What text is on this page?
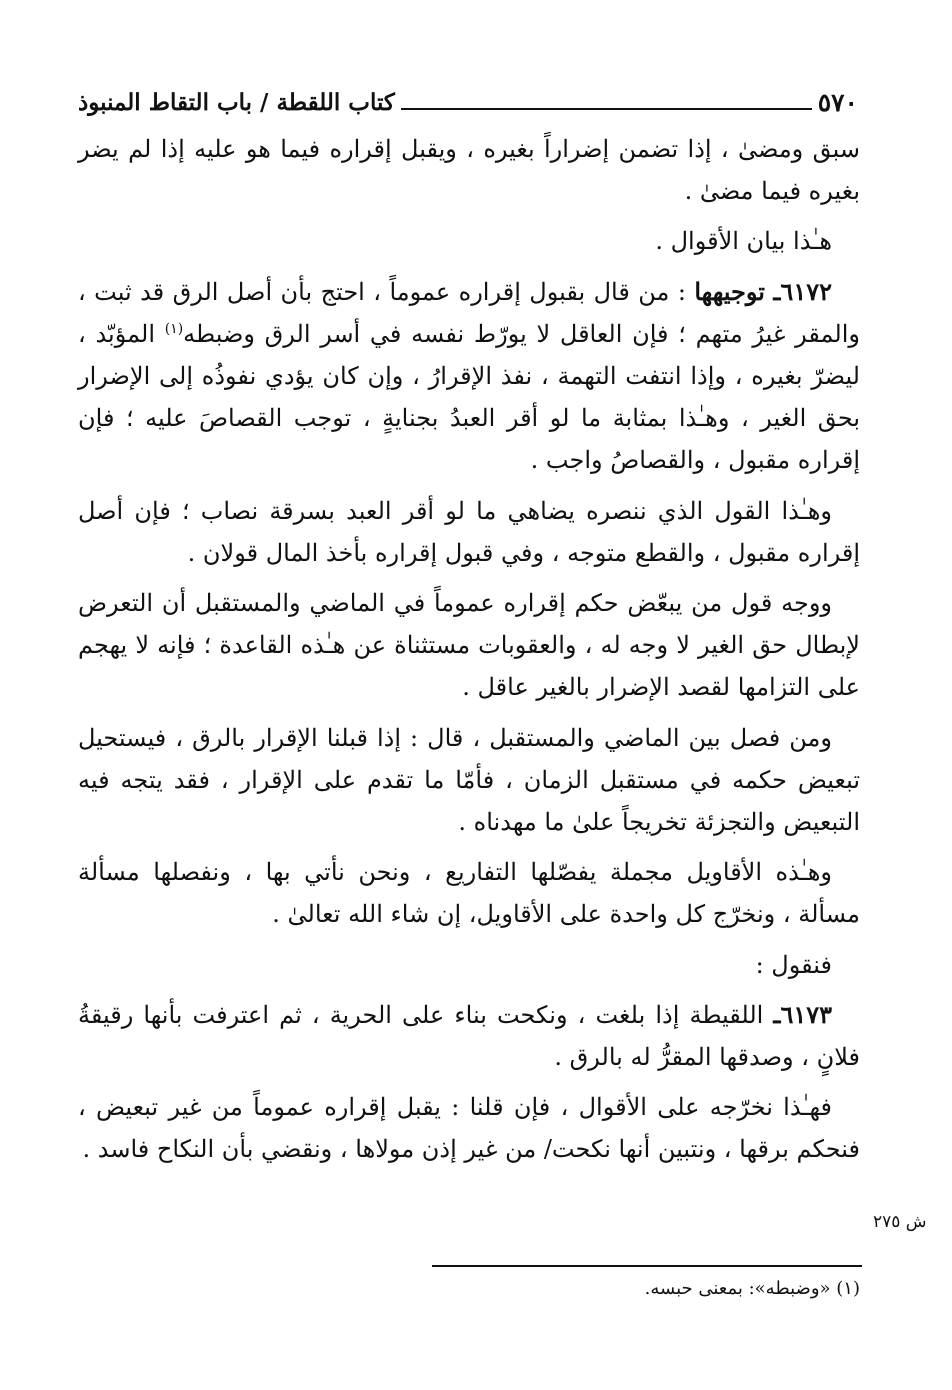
٥٧٠
كتاب اللقطة / باب التقاط المنبوذ

سبق ومضىٰ ، إذا تضمن إضراراً بغيره ، ويقبل إقراره فيما هو عليه إذا لم يضر بغيره فيما مضىٰ .

هـٰذا بيان الأقوال .

٦١٧٢ـ توجيهها : من قال بقبول إقراره عموماً ، احتج بأن أصل الرق قد ثبت ، والمقر غيرُ متهم ؛ فإن العاقل لا يورّط نفسه في أسر الرق وضبطه$^{(١)}$ المؤبّد ، ليضرّ بغيره ، وإذا انتفت التهمة ، نفذ الإقرارُ ، وإن كان يؤدي نفوذُه إلى الإضرار بحق الغير ، وهـٰذا بمثابة ما لو أقر العبدُ بجنايةٍ ، توجب القصاصَ عليه ؛ فإن إقراره مقبول ، والقصاصُ واجب .

وهـٰذا القول الذي ننصره يضاهي ما لو أقر العبد بسرقة نصاب ؛ فإن أصل إقراره مقبول ، والقطع متوجه ، وفي قبول إقراره بأخذ المال قولان .

ووجه قول من يبعّض حكم إقراره عموماً في الماضي والمستقبل أن التعرض لإبطال حق الغير لا وجه له ، والعقوبات مستثناة عن هـٰذه القاعدة ؛ فإنه لا يهجم على التزامها لقصد الإضرار بالغير عاقل .

ومن فصل بين الماضي والمستقبل ، قال : إذا قبلنا الإقرار بالرق ، فيستحيل تبعيض حكمه في مستقبل الزمان ، فأمّا ما تقدم على الإقرار ، فقد يتجه فيه التبعيض والتجزئة تخريجاً علىٰ ما مهدناه .

وهـٰذه الأقاويل مجملة يفصّلها التفاريع ، ونحن نأتي بها ، ونفصلها مسألة مسألة ، ونخرّج كل واحدة على الأقاويل، إن شاء الله تعالىٰ .

فنقول :

٦١٧٣ـ اللقيطة إذا بلغت ، ونكحت بناء على الحرية ، ثم اعترفت بأنها رقيقةُ فلانٍ ، وصدقها المقرُّ له بالرق .

فهـٰذا نخرّجه على الأقوال ، فإن قلنا : يقبل إقراره عموماً من غير تبعيض ، فنحكم برقها ، ونتبين أنها نكحت/ من غير إذن مولاها ، ونقضي بأن النكاح فاسد .

ش ٢٧٥
(١) «وضبطه»: بمعنى حبسه.
